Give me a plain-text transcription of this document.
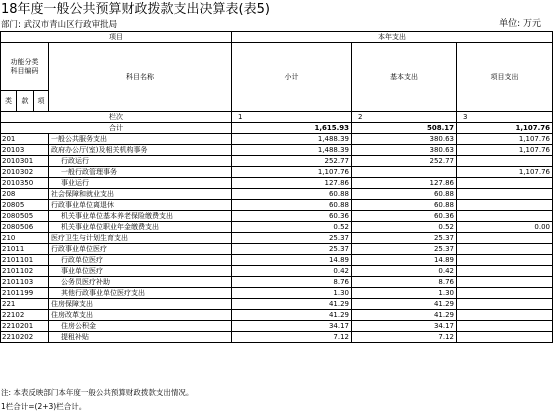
18年度一般公共预算财政拨款支出决算表(表5)
部门: 武汉市青山区行政审批局	单位: 万元
项目				本年支出		
功能分类
科目编码			科目名称	小计	基本支出	项目支出
类	款	项				
栏次				1	2	3
合计				1,615.93	508.17	1,107.76
201			一般公共服务支出	1,488.39	380.63	1,107.76
20103			政府办公厅(室)及相关机构事务	1,488.39	380.63	1,107.76
2010301			行政运行	252.77	252.77	
2010302			一般行政管理事务	1,107.76		1,107.76
2010350			事业运行	127.86	127.86	
208			社会保障和就业支出	60.88	60.88	
20805			行政事业单位离退休	60.88	60.88	
2080505			机关事业单位基本养老保险缴费支出	60.36	60.36	
2080506			机关事业单位职业年金缴费支出	0.52	0.52	0.00
210			医疗卫生与计划生育支出	25.37	25.37	
21011			行政事业单位医疗	25.37	25.37	
2101101			行政单位医疗	14.89	14.89	
2101102			事业单位医疗	0.42	0.42	
2101103			公务员医疗补助	8.76	8.76	
2101199			其他行政事业单位医疗支出	1.30	1.30	
221			住房保障支出	41.29	41.29	
22102			住房改革支出	41.29	41.29	
2210201			住房公积金	34.17	34.17	
2210202			提租补贴	7.12	7.12	
注: 本表反映部门本年度一般公共预算财政拨款支出情况。
1栏合计=(2+3)栏合计。
